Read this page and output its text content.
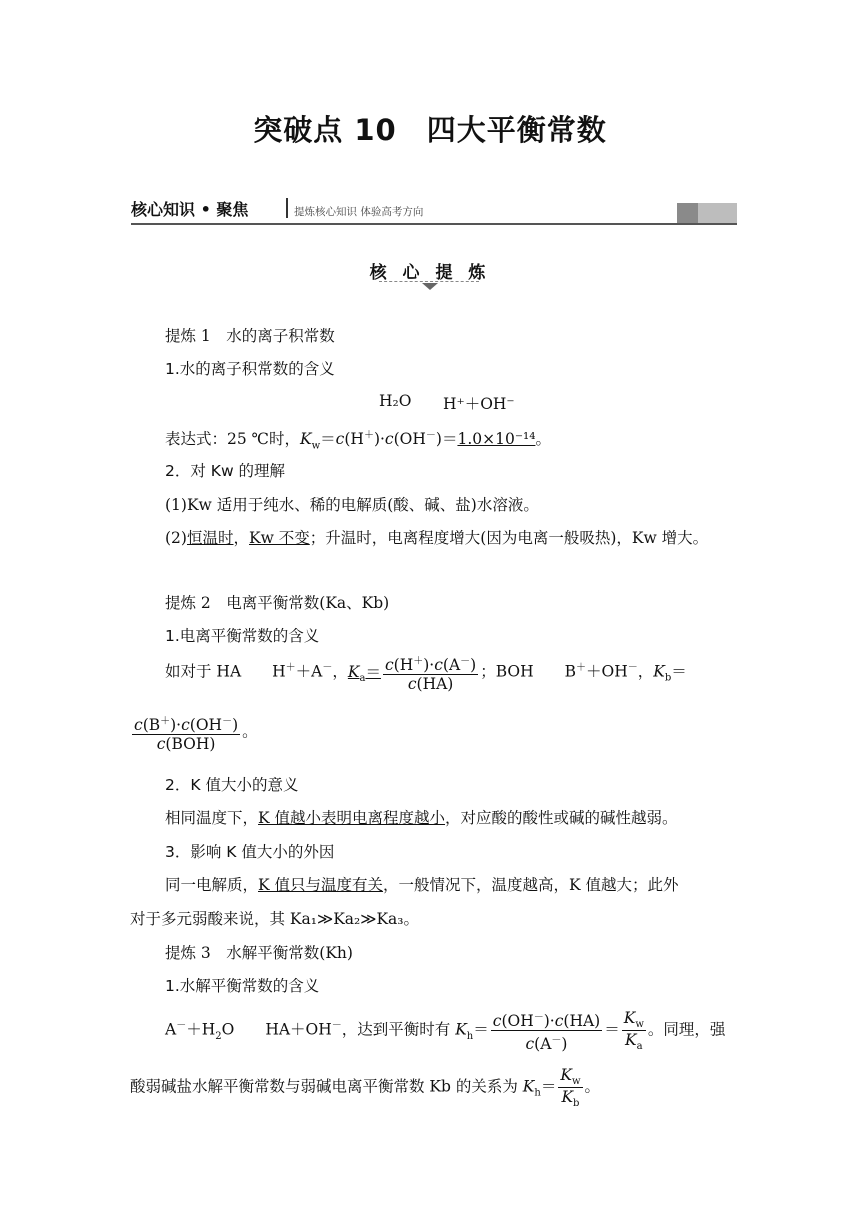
突破点 10 四大平衡常数
核心知识 • 聚焦	提炼核心知识 体验高考方向
核 心 提 炼
提炼 1　水的离子积常数
1.水的离子积常数的含义
H₂O H⁺＋OH⁻
表达式：25 ℃时，$K_w=c(H^+)\cdot c(OH^-)=1.0\times 10^{-14}$。
2．对 Kw 的理解
(1)Kw 适用于纯水、稀的电解质(酸、碱、盐)水溶液。
(2)恒温时，Kw 不变；升温时，电离程度增大(因为电离一般吸热)，Kw 增大。
提炼 2　电离平衡常数(Ka、Kb)
1.电离平衡常数的含义
如对于 HA　　H＋＋A－，$K_a= \frac{c(H^+)\cdot c(A^-)}{c(HA)}$ ；BOH　　B＋＋OH－，$K_b=$
$\frac{c(B^+)\cdot c(OH^-)}{\text{c(BOH)}}$ 。
2．K 值大小的意义
相同温度下，K 值越小表明电离程度越小，对应酸的酸性或碱的碱性越弱。
3．影响 K 值大小的外因
同一电解质，K 值只与温度有关，一般情况下，温度越高，K 值越大；此外
对于多元弱酸来说，其 Ka₁≫Ka₂≫Ka₃。
提炼 3　水解平衡常数(Kh)
1.水解平衡常数的含义
$A^-+H_2O$　　HA＋OH－，达到平衡时有 $K_h= \frac{c(OH^-)\cdot c(HA)}{c(A^-)} = \frac{K_w}{K_a}$ 。同理，强
酸弱碱盐水解平衡常数与弱碱电离平衡常数 Kb 的关系为 $K_h= \frac{K_w}{K_b}$ 。
